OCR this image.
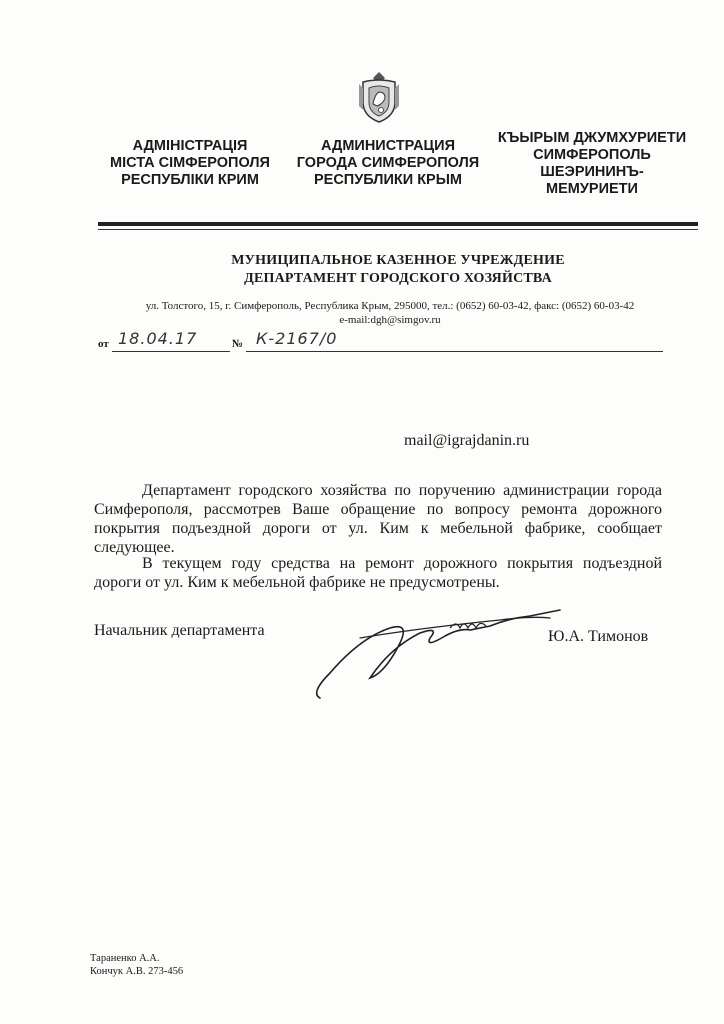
АДМІНІСТРАЦІЯ
МІСТА СІМФЕРОПОЛЯ
РЕСПУБЛІКИ КРИМ
АДМИНИСТРАЦИЯ
ГОРОДА СИМФЕРОПОЛЯ
РЕСПУБЛИКИ КРЫМ
КЪЫРЫМ ДЖУМХУРИЕТИ
СИМФЕРОПОЛЬ
ШЕЭРИНИНЪ-
МЕМУРИЕТИ
МУНИЦИПАЛЬНОЕ КАЗЕННОЕ УЧРЕЖДЕНИЕ
ДЕПАРТАМЕНТ ГОРОДСКОГО ХОЗЯЙСТВА
ул. Толстого, 15, г. Симферополь, Республика Крым, 295000, тел.: (0652) 60-03-42, факс: (0652) 60-03-42
e-mail:dgh@simgov.ru
от 18.04.17	№ К-2167/0
mail@igrajdanin.ru
Департамент городского хозяйства по поручению администрации города Симферополя, рассмотрев Ваше обращение по вопросу ремонта дорожного покрытия подъездной дороги от ул. Ким к мебельной фабрике, сообщает следующее.
В текущем году средства на ремонт дорожного покрытия подъездной дороги от ул. Ким к мебельной фабрике не предусмотрены.
Начальник департамента	Ю.А. Тимонов
Тараненко А.А.
Кончук А.В. 273-456
